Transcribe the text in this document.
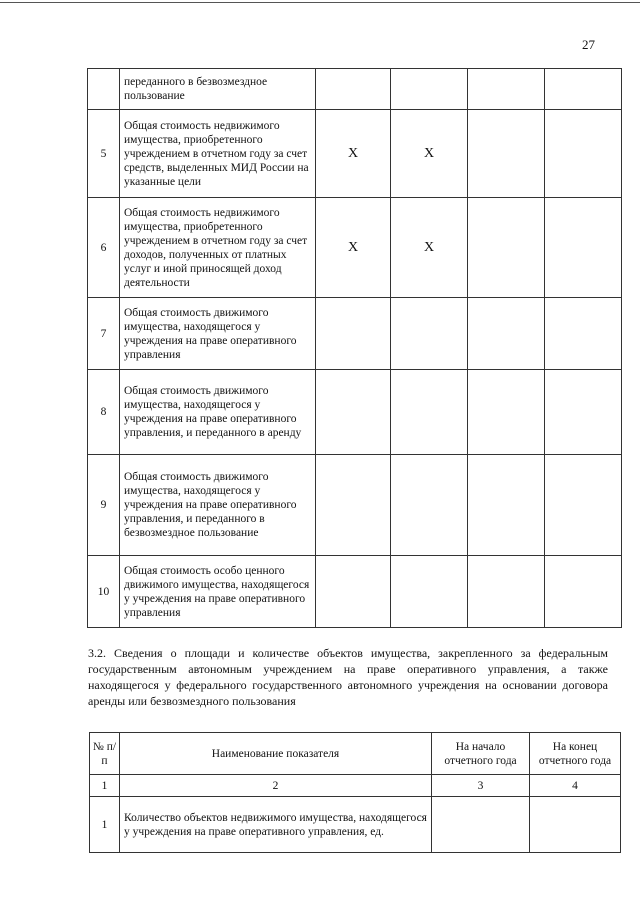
27
	переданного в безвозмездное пользование				
5	Общая стоимость недвижимого имущества, приобретенного учреждением в отчетном году за счет средств, выделенных МИД России на указанные цели	X	X		
6	Общая стоимость недвижимого имущества, приобретенного учреждением в отчетном году за счет доходов, полученных от платных услуг и иной приносящей доход деятельности	X	X		
7	Общая стоимость движимого имущества, находящегося у учреждения на праве оперативного управления				
8	Общая стоимость движимого имущества, находящегося у учреждения на праве оперативного управления, и переданного в аренду				
9	Общая стоимость движимого имущества, находящегося у учреждения на праве оперативного управления, и переданного в безвозмездное пользование				
10	Общая стоимость особо ценного движимого имущества, находящегося у учреждения на праве оперативного управления				
3.2. Сведения о площади и количестве объектов имущества, закрепленного за федеральным государственным автономным учреждением на праве оперативного управления, а также находящегося у федерального государственного автономного учреждения на основании договора аренды или безвозмездного пользования
№ п/п	Наименование показателя	На начало отчетного года	На конец отчетного года
1	2	3	4
1	Количество объектов недвижимого имущества, находящегося у учреждения на праве оперативного управления, ед.		
